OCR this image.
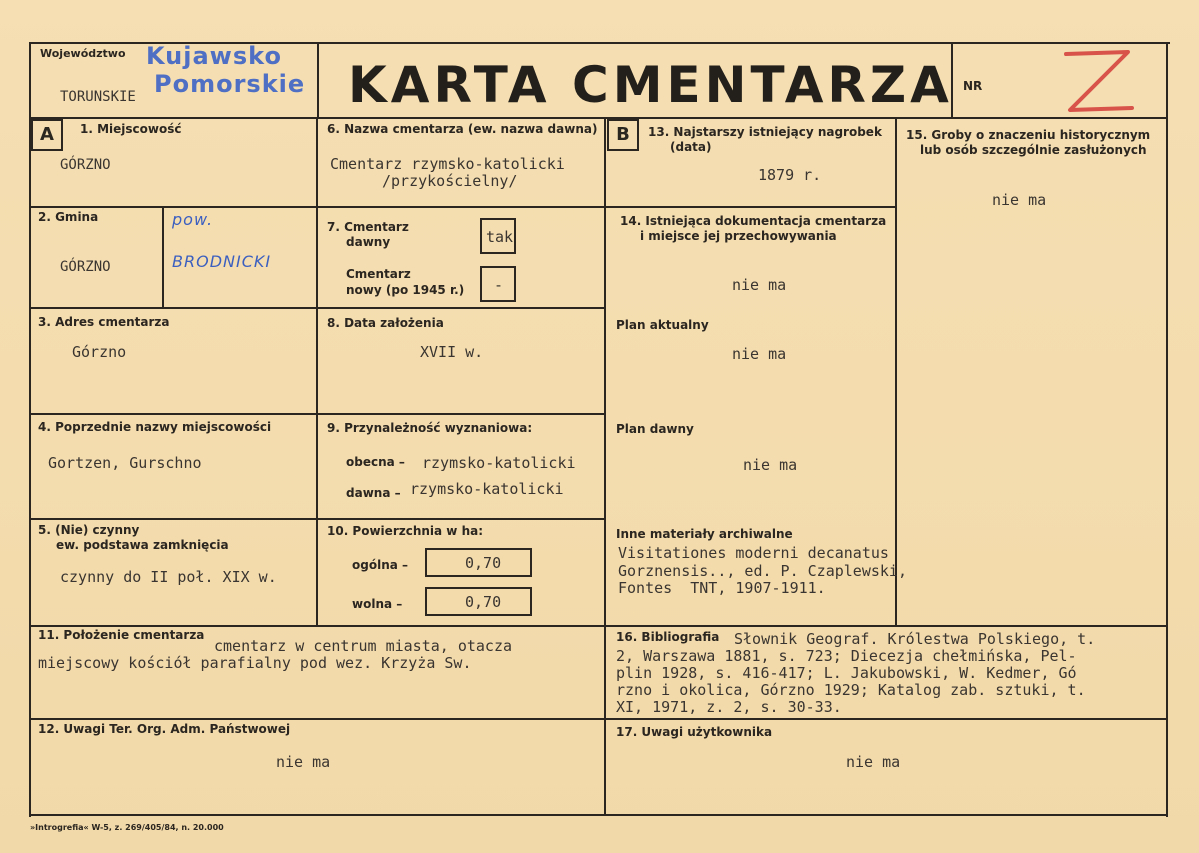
Województwo Kujawsko
Pomorskie
TORUNSKIE	KARTA CMENTARZA NR
A	B
1. Miejscowość
GÓRZNO
2. Gmina
GÓRZNO
pow.
BRODNICKI
3. Adres cmentarza
Górzno
4. Poprzednie nazwy miejscowości
Gortzen, Gurschno
5. (Nie) czynny
ew. podstawa zamknięcia
czynny do II poł. XIX w.
6. Nazwa cmentarza (ew. nazwa dawna)
Cmentarz rzymsko-katolicki
/przykościelny/
7. Cmentarz
dawny	tak
Cmentarz
nowy (po 1945 r.) -
8. Data założenia
XVII w.
9. Przynależność wyznaniowa:
obecna – rzymsko-katolicki
dawna – rzymsko-katolicki
10. Powierzchnia w ha:
ogólna –	0,70
wolna –	0,70
11. Położenie cmentarza
cmentarz w centrum miasta, otacza
miejscowy kościół parafialny pod wez. Krzyża Sw.
12. Uwagi Ter. Org. Adm. Państwowej
nie ma
13. Najstarszy istniejący nagrobek
(data)
1879 r.
14. Istniejąca dokumentacja cmentarza
i miejsce jej przechowywania
nie ma
Plan aktualny
nie ma
Plan dawny
nie ma
Inne materiały archiwalne
Visitationes moderni decanatus
Gorznensis.., ed. P. Czaplewski,
Fontes  TNT, 1907-1911.
15. Groby o znaczeniu historycznym
lub osób szczególnie zasłużonych
nie ma
16. Bibliografia Słownik Geograf. Królestwa Polskiego, t.
2, Warszawa 1881, s. 723; Diecezja chełmińska, Pel-
plin 1928, s. 416-417; L. Jakubowski, W. Kedmer, Gó
rzno i okolica, Górzno 1929; Katalog zab. sztuki, t.
XI, 1971, z. 2, s. 30-33.
17. Uwagi użytkownika
nie ma
»Introgrefia« W-5, z. 269/405/84, n. 20.000
